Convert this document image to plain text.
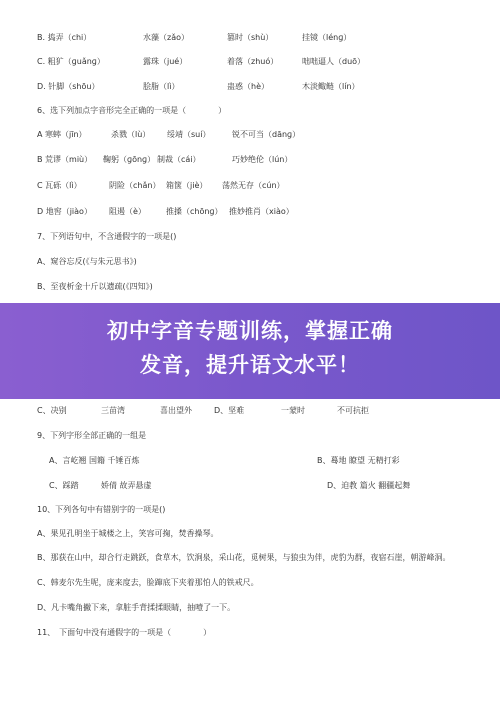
B. 捣弄（chi）	水藻（zǎo）	篡时（shù）	挂镜（lénɡ）
C. 粗犷（ɡuǎnɡ）	露珠（jué）	着落（zhuó）	咄咄逼人（duō）
D. 针脚（shōu）	脍脂（lì）	蛊惑（hè）	木淡鲰鲢（lín）
6、选下列加点字音形完全正确的一项是（　　　　）
A 寒蟀（jīn）	杀戮（lù） 绥靖（suí）	锐不可当（dānɡ）
B 荒谬（miù） 鞠躬（ɡōnɡ） 制裁（cái）	巧妙绝伦（lún）
C 瓦砾（lì）	阴险（chǎn） 箱箧（jiè） 荡然无存（cún）
D 地窖（jiào） 阻遏（è）	推搡（chōnɡ） 推妙推肖（xiào）
7、下列语句中，不含通假字的一项是()
A、窥谷忘反(《与朱元思书》)
B、至夜析金十斤以遗疏(《四知》)
C、决别	三苗湾	喜出望外	D、坚难	一蒙时	不可抗拒
9、下列字形全部正确的一组是
A、言屹翘 国籍 千锤百炼	B、蓦地 瞭望 无精打彩
C、踩踏	娇倩 故弄悬虚	D、迫教 篇火 翻疆起舞
10、下列各句中有错别字的一项是()
A、果见孔明坐于城楼之上，笑容可掬，焚香操琴。
B、那获在山中，却合行走跳跃，食草木，饮涧泉，采山花，觅树果，与狼虫为伴，虎豹为群，夜宿石崖，朝游峰洞。
C、韩麦尔先生呢，庞来度去，脸蹿底下夹着那怕人的铁戒尺。
D、凡卡嘴角撇下来，拿脏手背揉揉眼睛，抽噎了一下。
11、　下面句中没有通假字的一项是（　　　　）
初中字音专题训练，掌握正确
发音，提升语文水平！
